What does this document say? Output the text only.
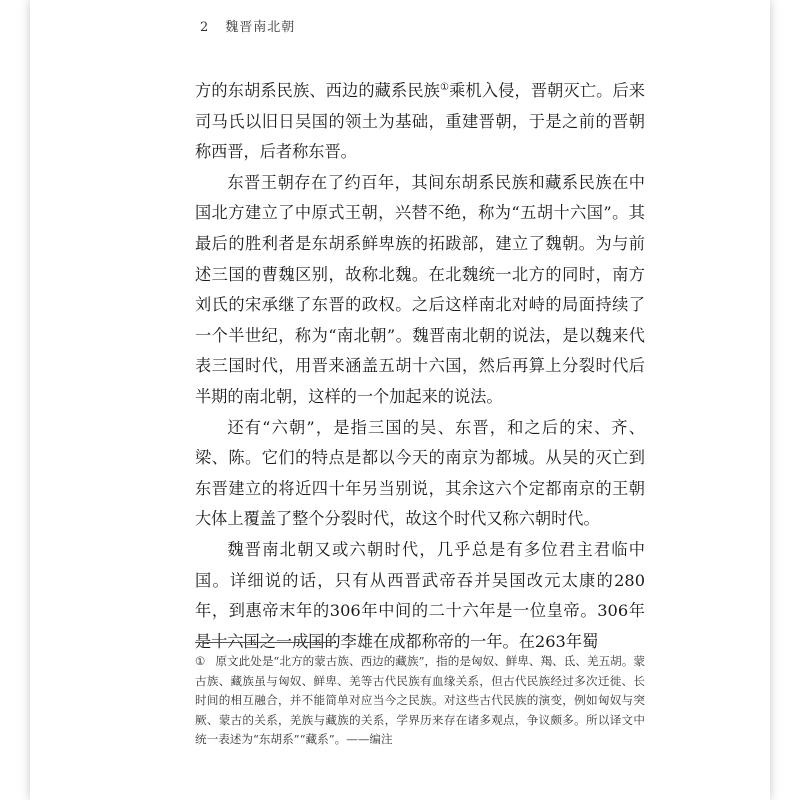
2 魏晋南北朝

方的东胡系民族、西边的藏系民族①乘机入侵，晋朝灭亡。后来司马氏以旧日吴国的领土为基础，重建晋朝，于是之前的晋朝称西晋，后者称东晋。

东晋王朝存在了约百年，其间东胡系民族和藏系民族在中国北方建立了中原式王朝，兴替不绝，称为“五胡十六国”。其最后的胜利者是东胡系鲜卑族的拓跋部，建立了魏朝。为与前述三国的曹魏区别，故称北魏。在北魏统一北方的同时，南方刘氏的宋承继了东晋的政权。之后这样南北对峙的局面持续了一个半世纪，称为“南北朝”。魏晋南北朝的说法，是以魏来代表三国时代，用晋来涵盖五胡十六国，然后再算上分裂时代后半期的南北朝，这样的一个加起来的说法。

还有“六朝”，是指三国的吴、东晋，和之后的宋、齐、梁、陈。它们的特点是都以今天的南京为都城。从吴的灭亡到东晋建立的将近四十年另当别说，其余这六个定都南京的王朝大体上覆盖了整个分裂时代，故这个时代又称六朝时代。

魏晋南北朝又或六朝时代，几乎总是有多位君主君临中国。详细说的话，只有从西晋武帝吞并吴国改元太康的280年，到惠帝末年的306年中间的二十六年是一位皇帝。306年是十六国之一成国的李雄在成都称帝的一年。在263年蜀

① 原文此处是“北方的蒙古族、西边的藏族”，指的是匈奴、鲜卑、羯、氐、羌五胡。蒙古族、藏族虽与匈奴、鲜卑、羌等古代民族有血缘关系，但古代民族经过多次迁徙、长时间的相互融合，并不能简单对应当今之民族。对这些古代民族的演变，例如匈奴与突厥、蒙古的关系，羌族与藏族的关系，学界历来存在诸多观点，争议颇多。所以译文中统一表述为“东胡系”“藏系”。——编注
